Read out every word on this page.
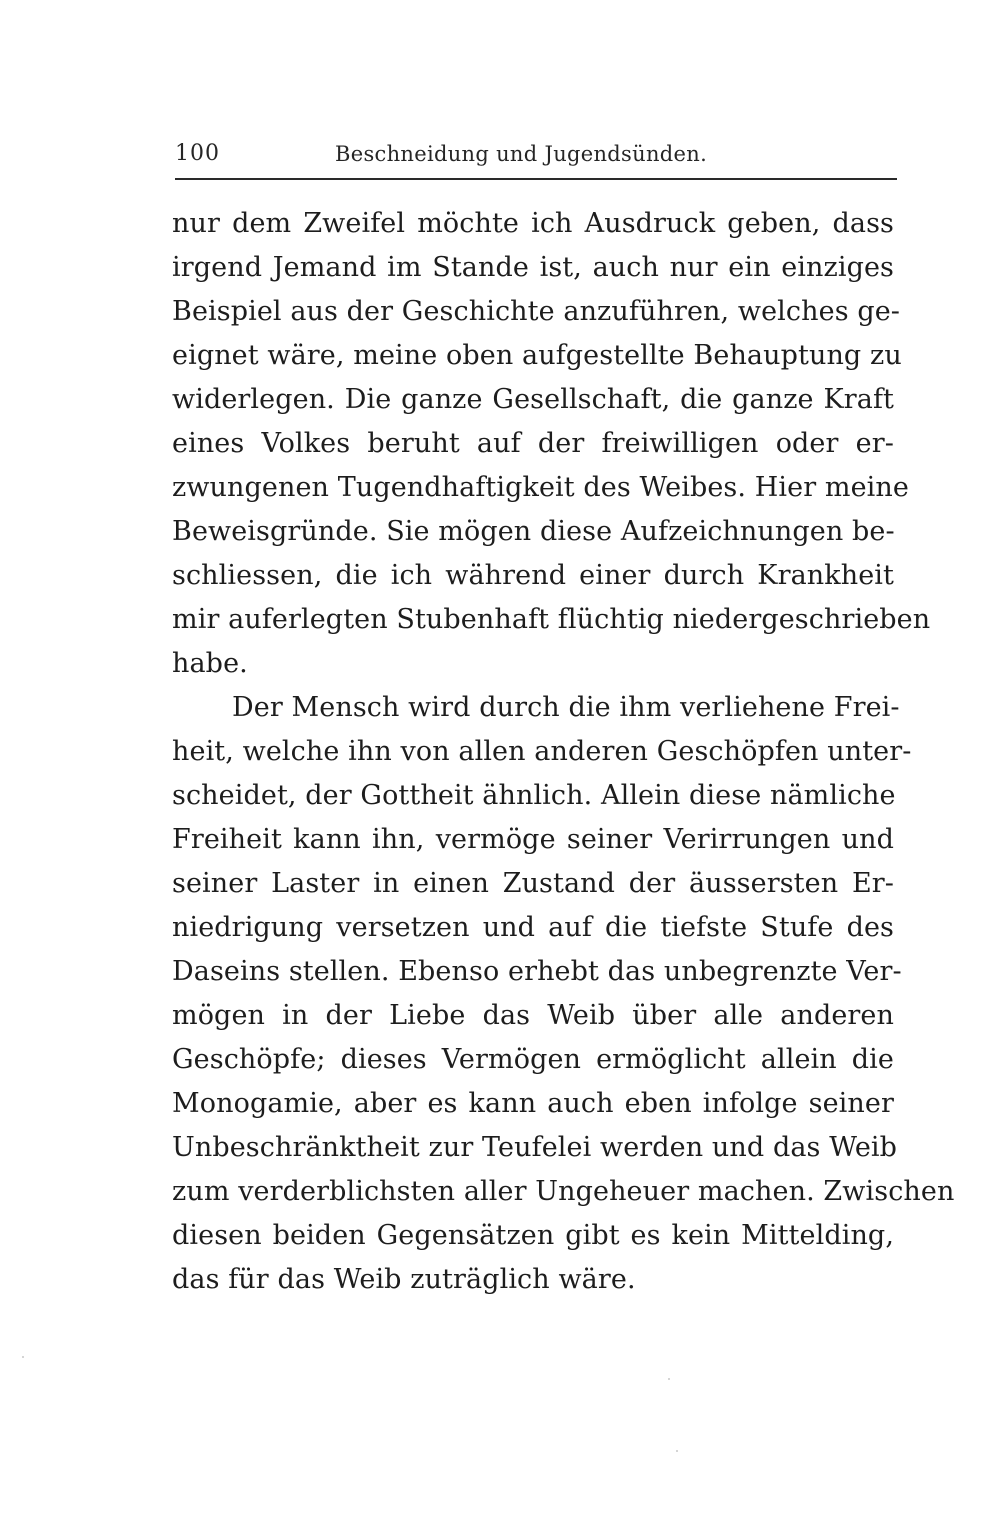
100	Beschneidung und Jugendsünden.
nur dem Zweifel möchte ich Ausdruck geben, dass
irgend Jemand im Stande ist, auch nur ein einziges
Beispiel aus der Geschichte anzuführen, welches ge-
eignet wäre, meine oben aufgestellte Behauptung zu
widerlegen. Die ganze Gesellschaft, die ganze Kraft
eines Volkes beruht auf der freiwilligen oder er-
zwungenen Tugendhaftigkeit des Weibes. Hier meine
Beweisgründe. Sie mögen diese Aufzeichnungen be-
schliessen, die ich während einer durch Krankheit
mir auferlegten Stubenhaft flüchtig niedergeschrieben
habe.
Der Mensch wird durch die ihm verliehene Frei-
heit, welche ihn von allen anderen Geschöpfen unter-
scheidet, der Gottheit ähnlich. Allein diese nämliche
Freiheit kann ihn, vermöge seiner Verirrungen und
seiner Laster in einen Zustand der äussersten Er-
niedrigung versetzen und auf die tiefste Stufe des
Daseins stellen. Ebenso erhebt das unbegrenzte Ver-
mögen in der Liebe das Weib über alle anderen
Geschöpfe; dieses Vermögen ermöglicht allein die
Monogamie, aber es kann auch eben infolge seiner
Unbeschränktheit zur Teufelei werden und das Weib
zum verderblichsten aller Ungeheuer machen. Zwischen
diesen beiden Gegensätzen gibt es kein Mittelding,
das für das Weib zuträglich wäre.
